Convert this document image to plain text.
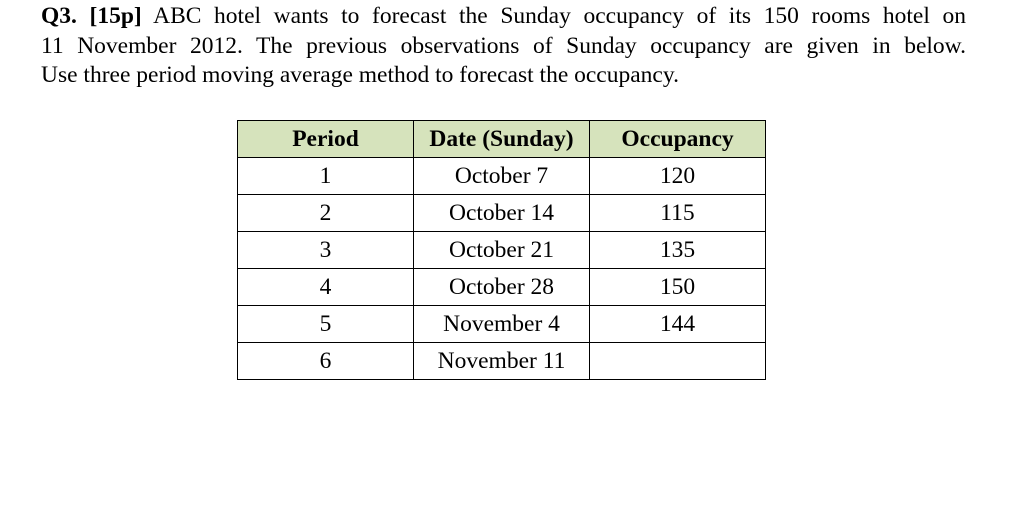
Q3. [15p] ABC hotel wants to forecast the Sunday occupancy of its 150 rooms hotel on
11 November 2012. The previous observations of Sunday occupancy are given in below.
Use three period moving average method to forecast the occupancy.
Period	Date (Sunday)	Occupancy
1	October 7	120
2	October 14	115
3	October 21	135
4	October 28	150
5	November 4	144
6	November 11	
